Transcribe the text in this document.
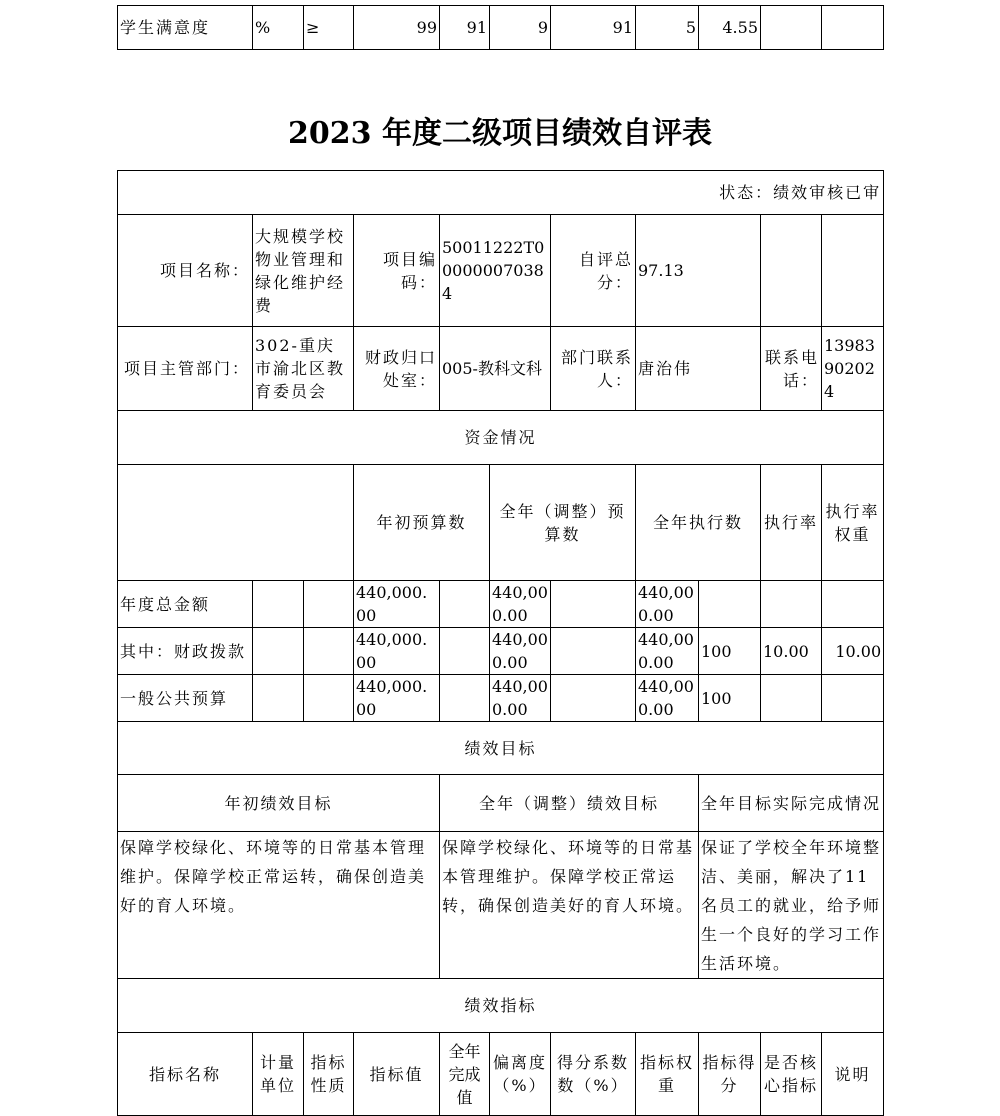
学生满意度	%	≥	99	91	9	91	5	4.55		
2023 年度二级项目绩效自评表
状态：绩效审核已审											
项目名称：	大规模学校物业管理和绿化维护经费		项目编码：	50011222T000000070384		自评总分：	97.13				
项目主管部门：	302-重庆市渝北区教育委员会		财政归口处室：	005-教科文科		部门联系人：	唐治伟		联系电话：	13983902024	
资金情况											
			年初预算数		全年（调整）预算数		全年执行数		执行率	执行率权重	
年度总金额			440,000.00		440,000.00		440,000.00				
其中：财政拨款			440,000.00		440,000.00		440,000.00	100	10.00	10.00	
一般公共预算			440,000.00		440,000.00		440,000.00	100			
绩效目标											
年初绩效目标				全年（调整）绩效目标				全年目标实际完成情况			
保障学校绿化、环境等的日常基本管理维护。保障学校正常运转，确保创造美好的育人环境。				保障学校绿化、环境等的日常基本管理维护。保障学校正常运转，确保创造美好的育人环境。				保证了学校全年环境整洁、美丽，解决了11名员工的就业，给予师生一个良好的学习工作生活环境。			
绩效指标											
指标名称	计量单位	指标性质	指标值	全年完成值	偏离度（%）	得分系数数（%）	指标权重	指标得分	是否核心指标	说明	
